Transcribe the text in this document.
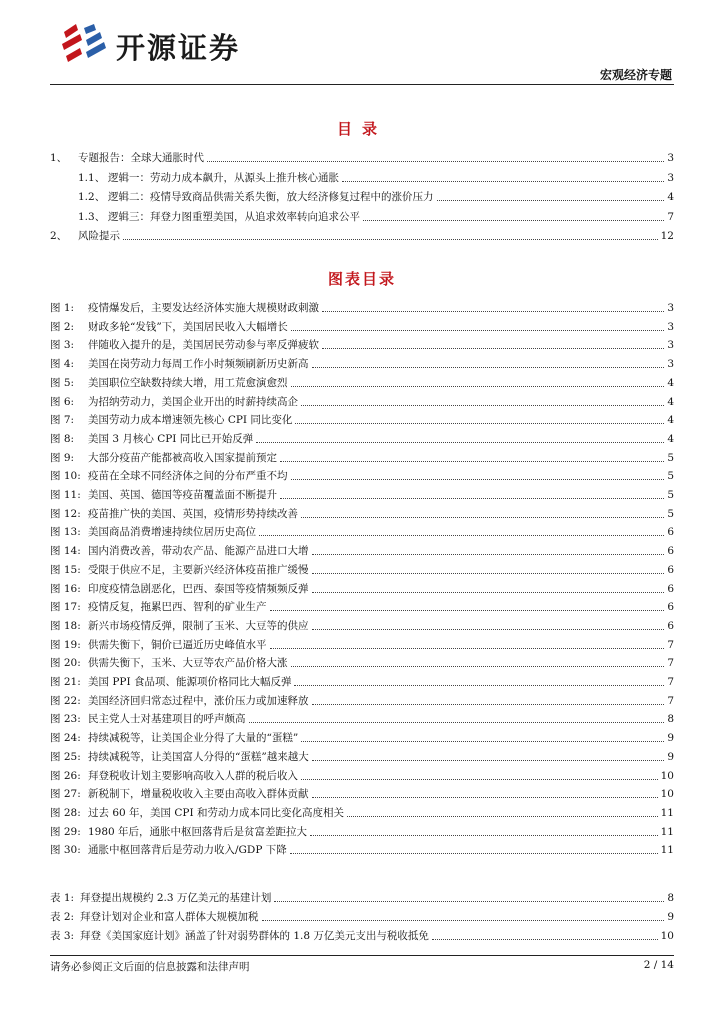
开源证券
宏观经济专题
目录
1、	专题报告：全球大通胀时代	3
1.1、 逻辑一：劳动力成本飙升，从源头上推升核心通胀	3
1.2、 逻辑二：疫情导致商品供需关系失衡，放大经济修复过程中的涨价压力	4
1.3、 逻辑三：拜登力图重塑美国，从追求效率转向追求公平	7
2、	风险提示	12
图表目录
图 1:	疫情爆发后，主要发达经济体实施大规模财政刺激	3
图 2:	财政多轮“发钱”下，美国居民收入大幅增长	3
图 3:	伴随收入提升的是，美国居民劳动参与率反弹疲软	3
图 4:	美国在岗劳动力每周工作小时频频刷新历史新高	3
图 5:	美国职位空缺数持续大增，用工荒愈演愈烈	4
图 6:	为招纳劳动力，美国企业开出的时薪持续高企	4
图 7:	美国劳动力成本增速领先核心 CPI 同比变化	4
图 8:	美国 3 月核心 CPI 同比已开始反弹	4
图 9:	大部分疫苗产能都被高收入国家提前预定	5
图 10: 疫苗在全球不同经济体之间的分布严重不均	5
图 11: 美国、英国、德国等疫苗覆盖面不断提升	5
图 12: 疫苗推广快的美国、英国，疫情形势持续改善	5
图 13: 美国商品消费增速持续位居历史高位	6
图 14: 国内消费改善，带动农产品、能源产品进口大增	6
图 15: 受限于供应不足，主要新兴经济体疫苗推广缓慢	6
图 16: 印度疫情急剧恶化，巴西、泰国等疫情频频反弹	6
图 17: 疫情反复，拖累巴西、智利的矿业生产	6
图 18: 新兴市场疫情反弹，限制了玉米、大豆等的供应	6
图 19: 供需失衡下，铜价已逼近历史峰值水平	7
图 20: 供需失衡下，玉米、大豆等农产品价格大涨	7
图 21: 美国 PPI 食品项、能源项价格同比大幅反弹	7
图 22: 美国经济回归常态过程中，涨价压力或加速释放	7
图 23: 民主党人士对基建项目的呼声颇高	8
图 24: 持续减税等，让美国企业分得了大量的“蛋糕”	9
图 25: 持续减税等，让美国富人分得的“蛋糕”越来越大	9
图 26: 拜登税收计划主要影响高收入人群的税后收入	10
图 27: 新税制下，增量税收收入主要由高收入群体贡献	10
图 28: 过去 60 年，美国 CPI 和劳动力成本同比变化高度相关	11
图 29: 1980 年后，通胀中枢回落背后是贫富差距拉大	11
图 30: 通胀中枢回落背后是劳动力收入/GDP 下降	11
表 1: 拜登提出规模约 2.3 万亿美元的基建计划	8
表 2: 拜登计划对企业和富人群体大规模加税	9
表 3: 拜登《美国家庭计划》涵盖了针对弱势群体的 1.8 万亿美元支出与税收抵免	10
请务必参阅正文后面的信息披露和法律声明	2 / 14
